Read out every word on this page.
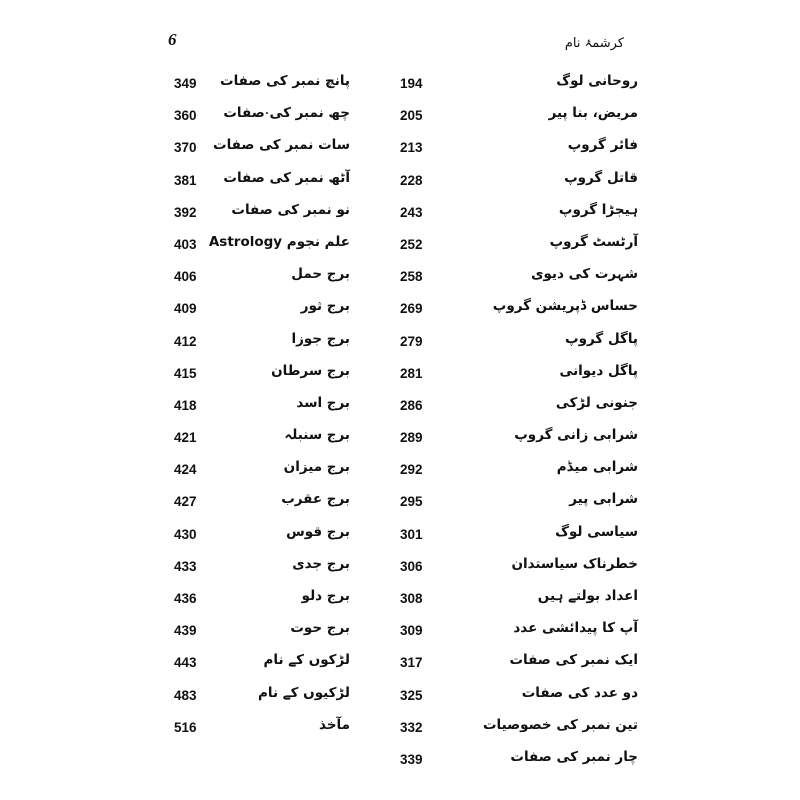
6	کرشمۂ نام
194	روحانی لوگ
205	مریض، بنا پیر
213	فائر گروپ
228	قاتل گروپ
243	ہیجڑا گروپ
252	آرٹسٹ گروپ
258	شہرت کی دیوی
269	حساس ڈپریشن گروپ
279	پاگل گروپ
281	پاگل دیوانی
286	جنونی لڑکی
289	شرابی زانی گروپ
292	شرابی میڈم
295	شرابی پیر
301	سیاسی لوگ
306	خطرناک سیاستدان
308	اعداد بولتے ہیں
309	آپ کا پیدائشی عدد
317	ایک نمبر کی صفات
325	دو عدد کی صفات
332	تین نمبر کی خصوصیات
339	چار نمبر کی صفات
349 پانچ نمبر کی صفات
360 چھ نمبر کی صفات
370 سات نمبر کی صفات
381 آٹھ نمبر کی صفات
392	نو نمبر کی صفات
403 علم نجوم Astrology
406	برج حمل
409	برج ثور
412	برج جوزا
415	برج سرطان
418	برج اسد
421	برج سنبلہ
424	برج میزان
427	برج عقرب
430	برج قوس
433	برج جدی
436	برج دلو
439	برج حوت
443	لڑکوں کے نام
483	لڑکیوں کے نام
516	مآخذ
